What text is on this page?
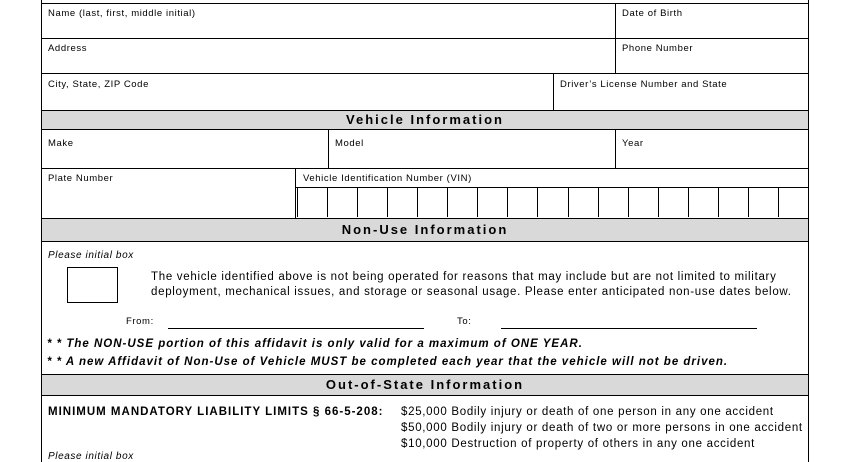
Name (last, first, middle initial)	Date of Birth
Address	Phone Number
City, State, ZIP Code	Driver’s License Number and State
Vehicle Information
Make	Model	Year
Plate Number	Vehicle Identification Number (VIN)
Non-Use Information
Please initial box
The vehicle identified above is not being operated for reasons that may include but are not limited to military
deployment, mechanical issues, and storage or seasonal usage. Please enter anticipated non-use dates below.
From:	To:
* * The NON-USE portion of this affidavit is only valid for a maximum of ONE YEAR.
* * A new Affidavit of Non-Use of Vehicle MUST be completed each year that the vehicle will not be driven.
Out-of-State Information
MINIMUM MANDATORY LIABILITY LIMITS § 66-5-208: $25,000 Bodily injury or death of one person in any one accident
$50,000 Bodily injury or death of two or more persons in one accident
$10,000 Destruction of property of others in any one accident
Please initial box
